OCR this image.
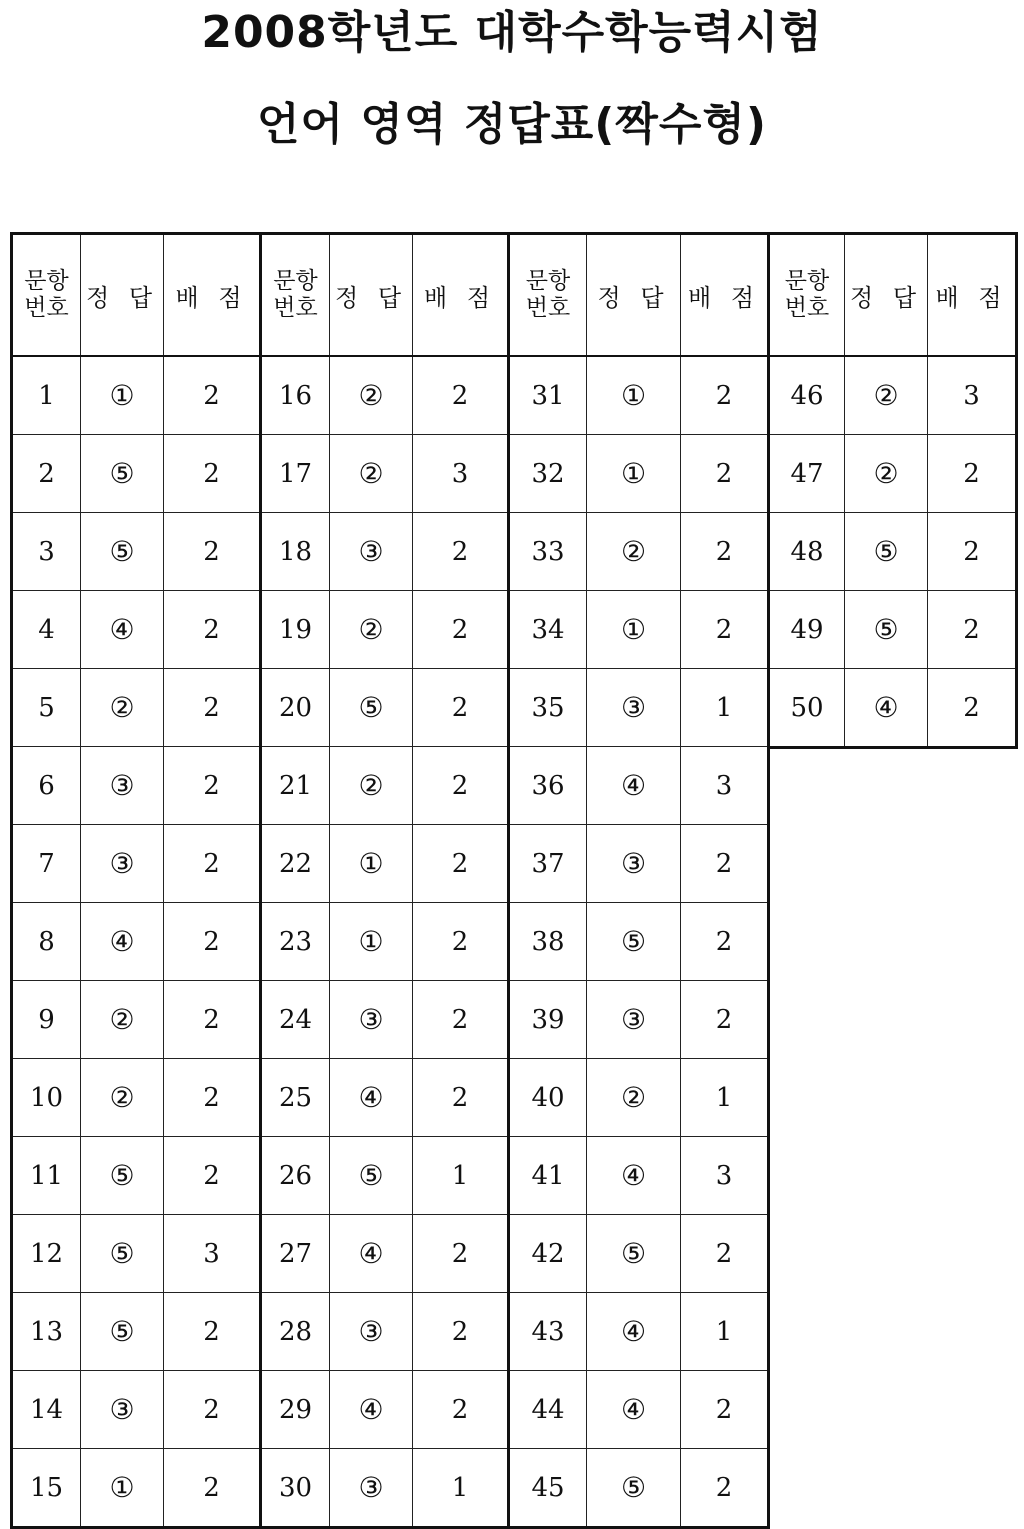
2008학년도 대학수학능력시험
언어 영역 정답표(짝수형)
문항
번호	정 답	배 점
1	①	2
2	⑤	2
3	⑤	2
4	④	2
5	②	2
6	③	2
7	③	2
8	④	2
9	②	2
10	②	2
11	⑤	2
12	⑤	3
13	⑤	2
14	③	2
15	①	2
문항
번호	정 답	배 점
16	②	2
17	②	3
18	③	2
19	②	2
20	⑤	2
21	②	2
22	①	2
23	①	2
24	③	2
25	④	2
26	⑤	1
27	④	2
28	③	2
29	④	2
30	③	1
문항
번호	정 답	배 점
31	①	2
32	①	2
33	②	2
34	①	2
35	③	1
36	④	3
37	③	2
38	⑤	2
39	③	2
40	②	1
41	④	3
42	⑤	2
43	④	1
44	④	2
45	⑤	2
문항
번호	정 답	배 점
46	②	3
47	②	2
48	⑤	2
49	⑤	2
50	④	2
